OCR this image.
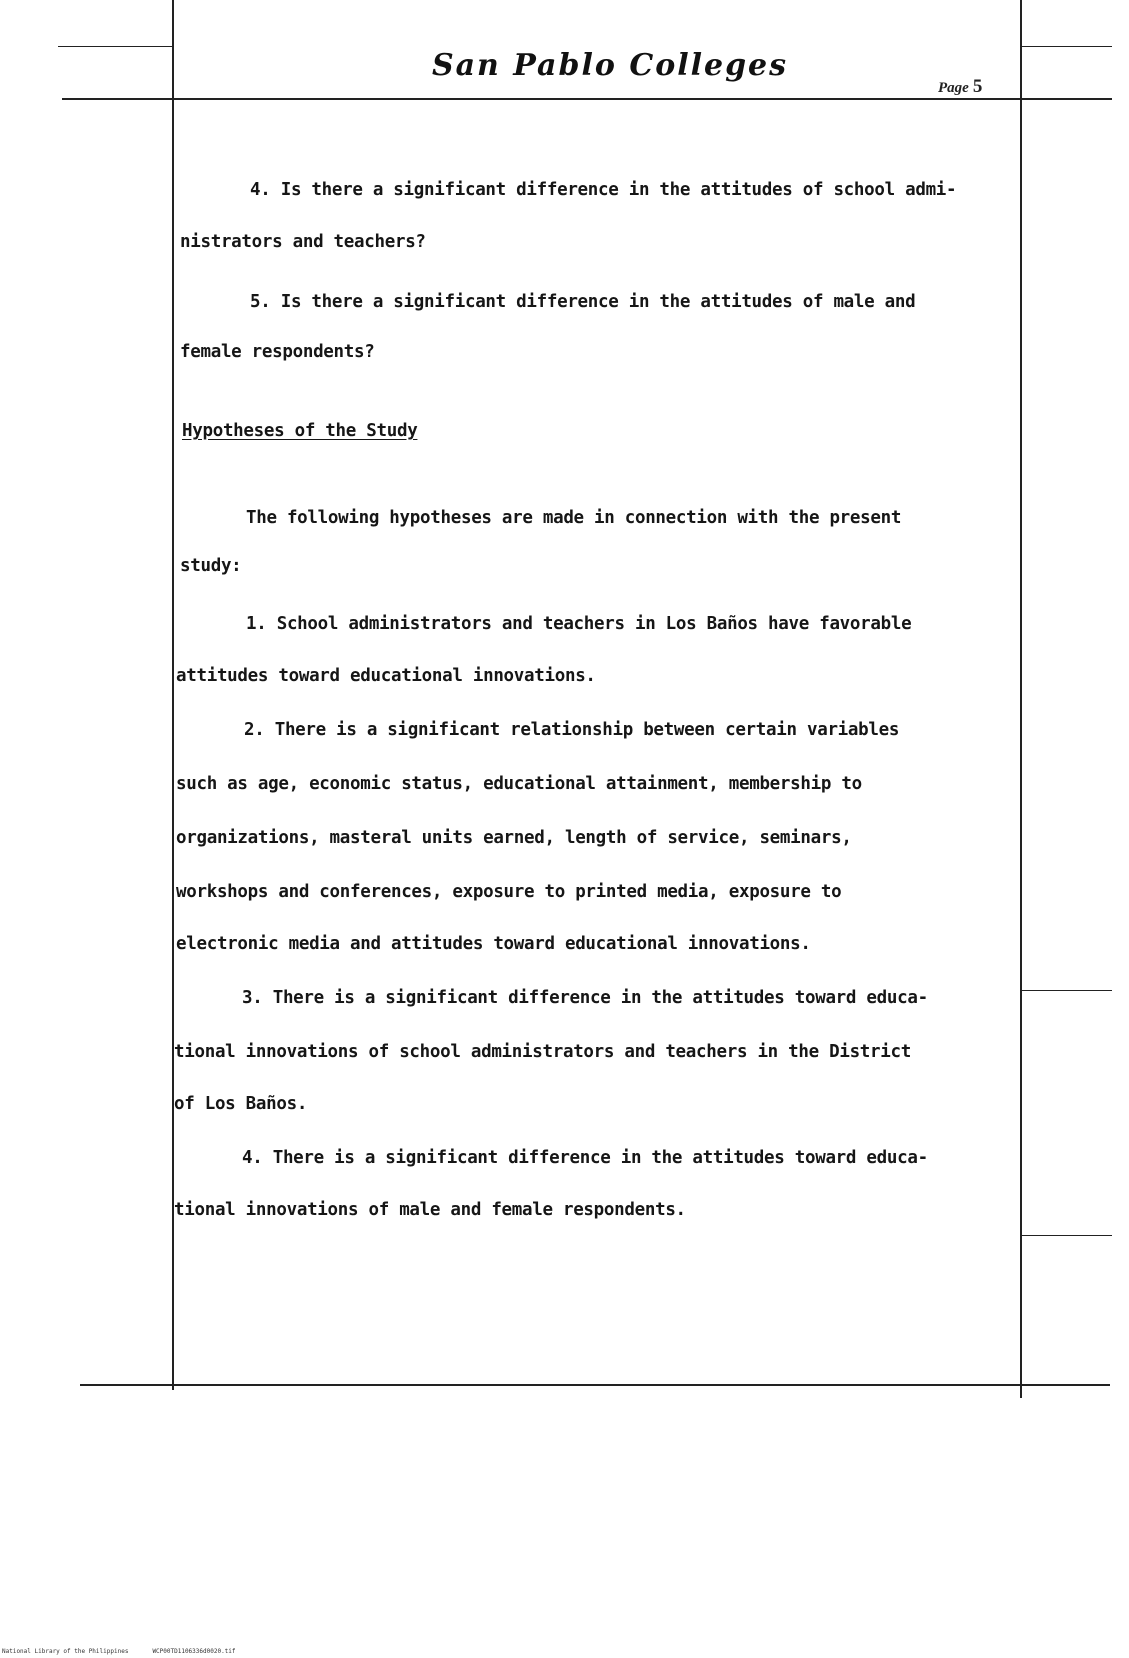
San Pablo Colleges
Page 5
4. Is there a significant difference in the attitudes of school admi-
nistrators and teachers?
5. Is there a significant difference in the attitudes of male and
female respondents?
Hypotheses of the Study
The following hypotheses are made in connection with the present
study:
1. School administrators and teachers in Los Baños have favorable
attitudes toward educational innovations.
2. There is a significant relationship between certain variables
such as age, economic status, educational attainment, membership to
organizations, masteral units earned, length of service, seminars,
workshops and conferences, exposure to printed media, exposure to
electronic media and attitudes toward educational innovations.
3. There is a significant difference in the attitudes toward educa-
tional innovations of school administrators and teachers in the District
of Los Baños.
4. There is a significant difference in the attitudes toward educa-
tional innovations of male and female respondents.
National Library of the Philippines	WCP00TD1106336d0020.tif
